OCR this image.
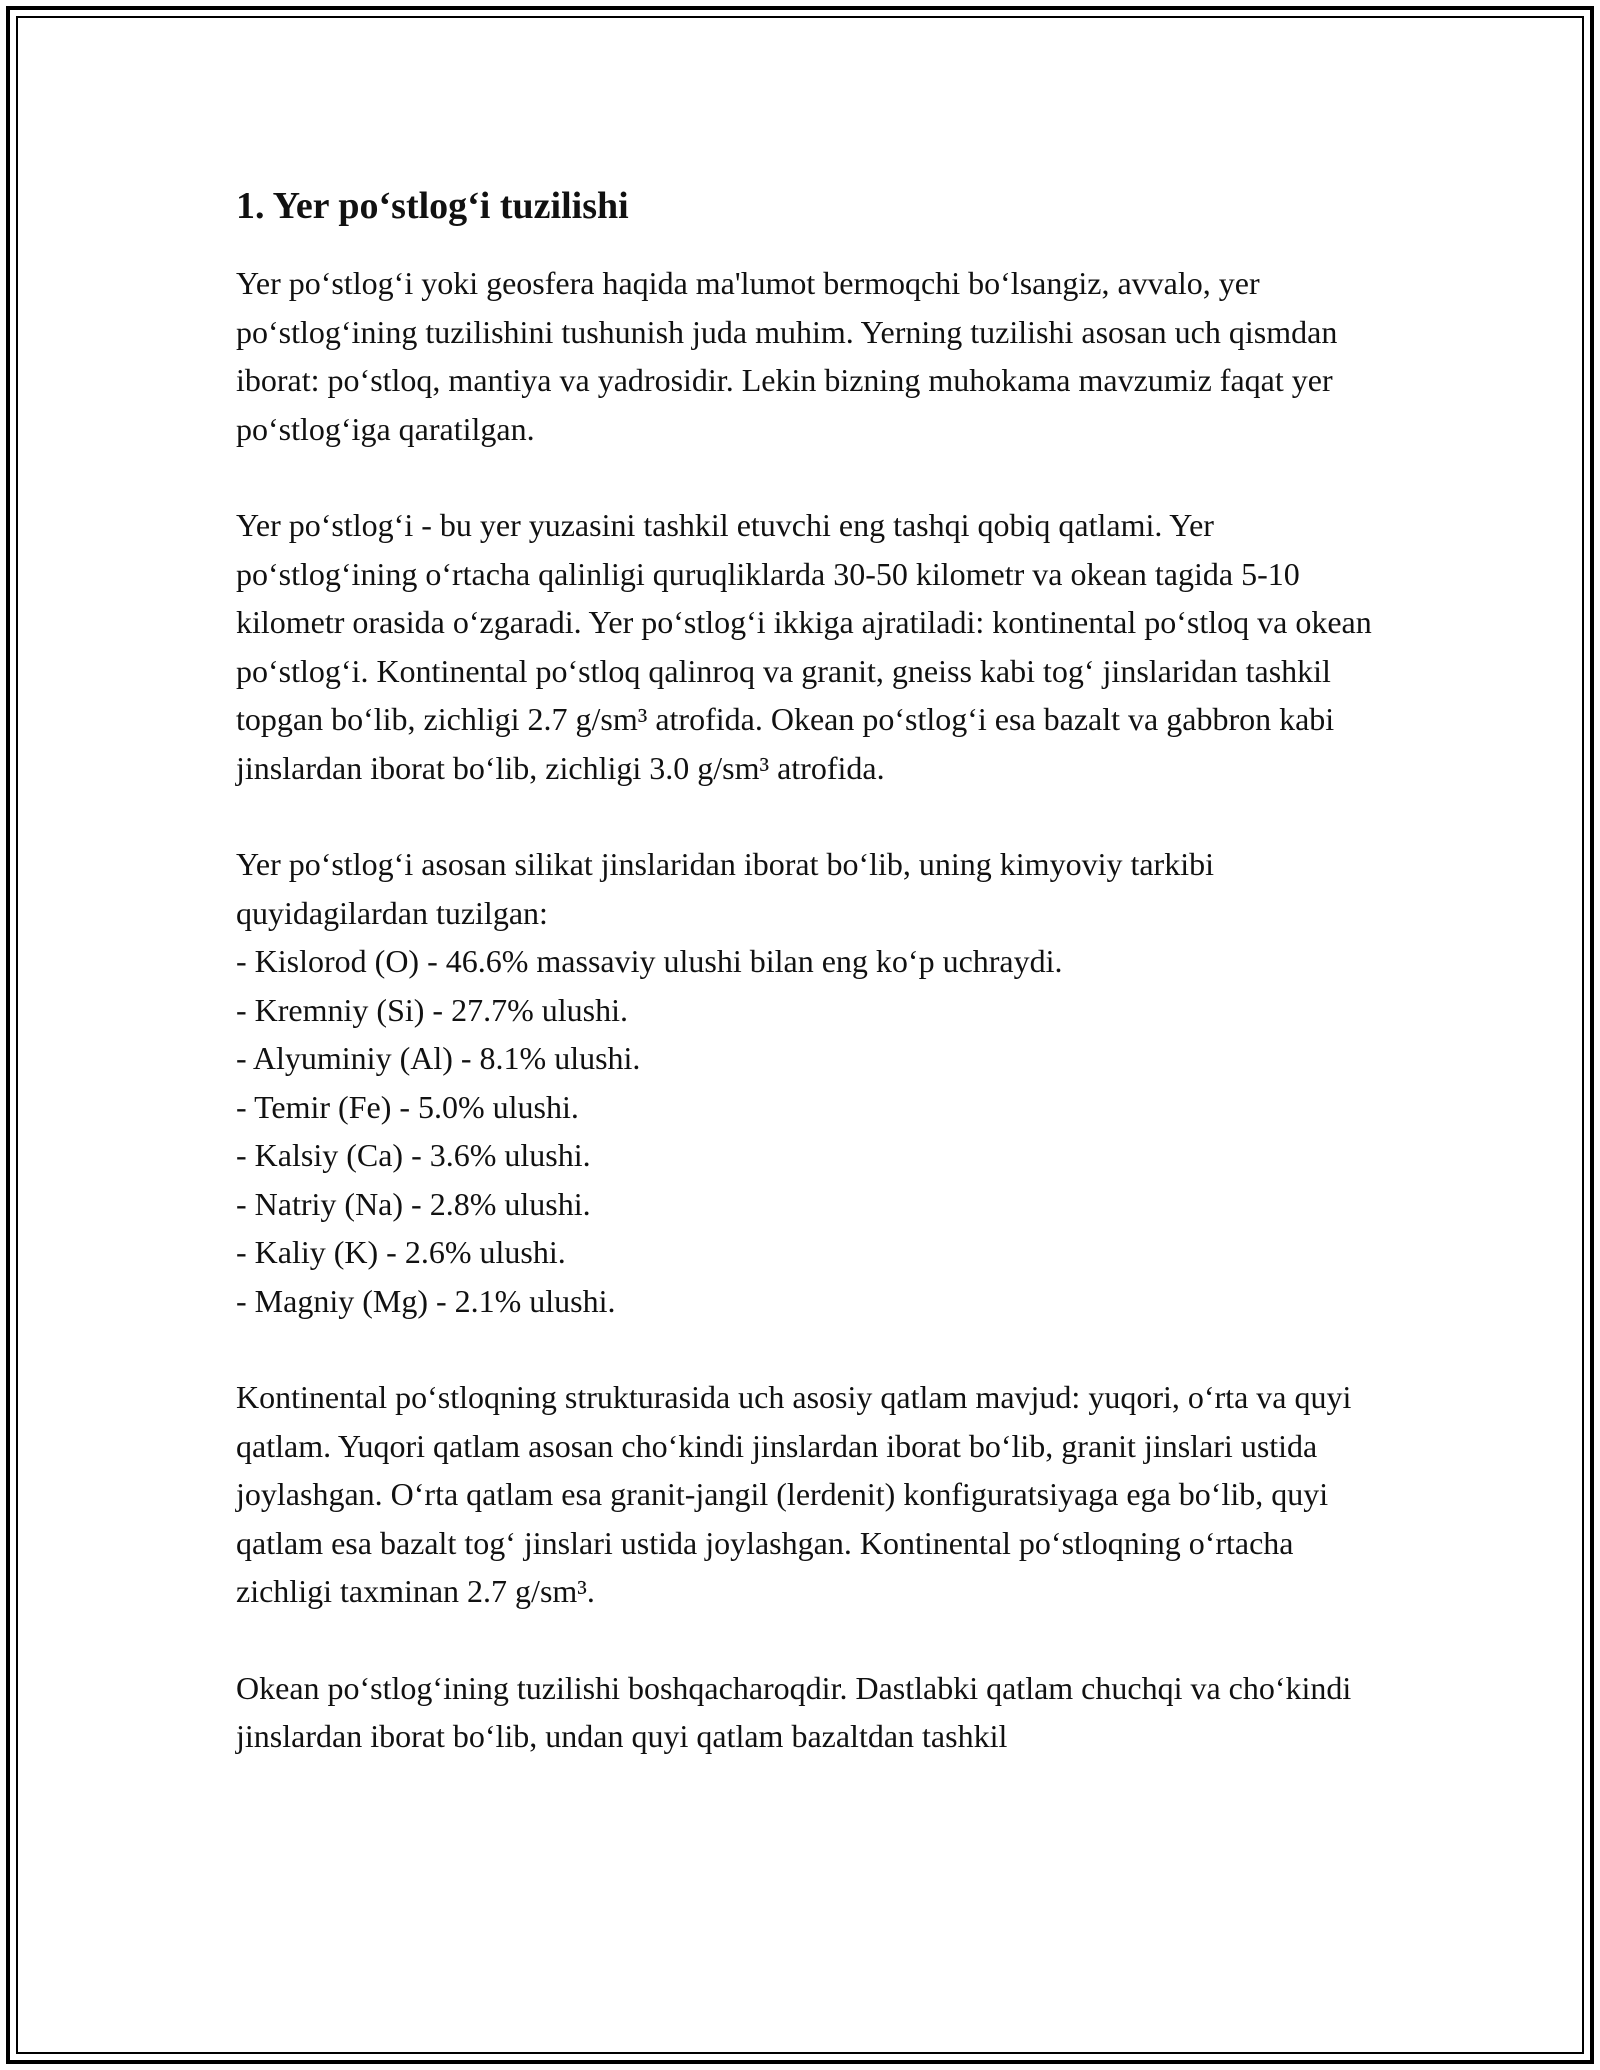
1. Yer po‘stlog‘i tuzilishi

Yer po‘stlog‘i yoki geosfera haqida ma'lumot bermoqchi bo‘lsangiz, avvalo, yer po‘stlog‘ining tuzilishini tushunish juda muhim. Yerning tuzilishi asosan uch qismdan iborat: po‘stloq, mantiya va yadrosidir. Lekin bizning muhokama mavzumiz faqat yer po‘stlog‘iga qaratilgan.

Yer po‘stlog‘i - bu yer yuzasini tashkil etuvchi eng tashqi qobiq qatlami. Yer po‘stlog‘ining o‘rtacha qalinligi quruqliklarda 30-50 kilometr va okean tagida 5-10 kilometr orasida o‘zgaradi. Yer po‘stlog‘i ikkiga ajratiladi: kontinental po‘stloq va okean po‘stlog‘i. Kontinental po‘stloq qalinroq va granit, gneiss kabi tog‘ jinslaridan tashkil topgan bo‘lib, zichligi 2.7 g/sm³ atrofida. Okean po‘stlog‘i esa bazalt va gabbron kabi jinslardan iborat bo‘lib, zichligi 3.0 g/sm³ atrofida.

Yer po‘stlog‘i asosan silikat jinslaridan iborat bo‘lib, uning kimyoviy tarkibi quyidagilardan tuzilgan:

- Kislorod (O) - 46.6% massaviy ulushi bilan eng ko‘p uchraydi.
- Kremniy (Si) - 27.7% ulushi.
- Alyuminiy (Al) - 8.1% ulushi.
- Temir (Fe) - 5.0% ulushi.
- Kalsiy (Ca) - 3.6% ulushi.
- Natriy (Na) - 2.8% ulushi.
- Kaliy (K) - 2.6% ulushi.
- Magniy (Mg) - 2.1% ulushi.

Kontinental po‘stloqning strukturasida uch asosiy qatlam mavjud: yuqori, o‘rta va quyi qatlam. Yuqori qatlam asosan cho‘kindi jinslardan iborat bo‘lib, granit jinslari ustida joylashgan. O‘rta qatlam esa granit-jangil (lerdenit) konfiguratsiyaga ega bo‘lib, quyi qatlam esa bazalt tog‘ jinslari ustida joylashgan. Kontinental po‘stloqning o‘rtacha zichligi taxminan 2.7 g/sm³.

Okean po‘stlog‘ining tuzilishi boshqacharoqdir. Dastlabki qatlam chuchqi va cho‘kindi jinslardan iborat bo‘lib, undan quyi qatlam bazaltdan tashkil
